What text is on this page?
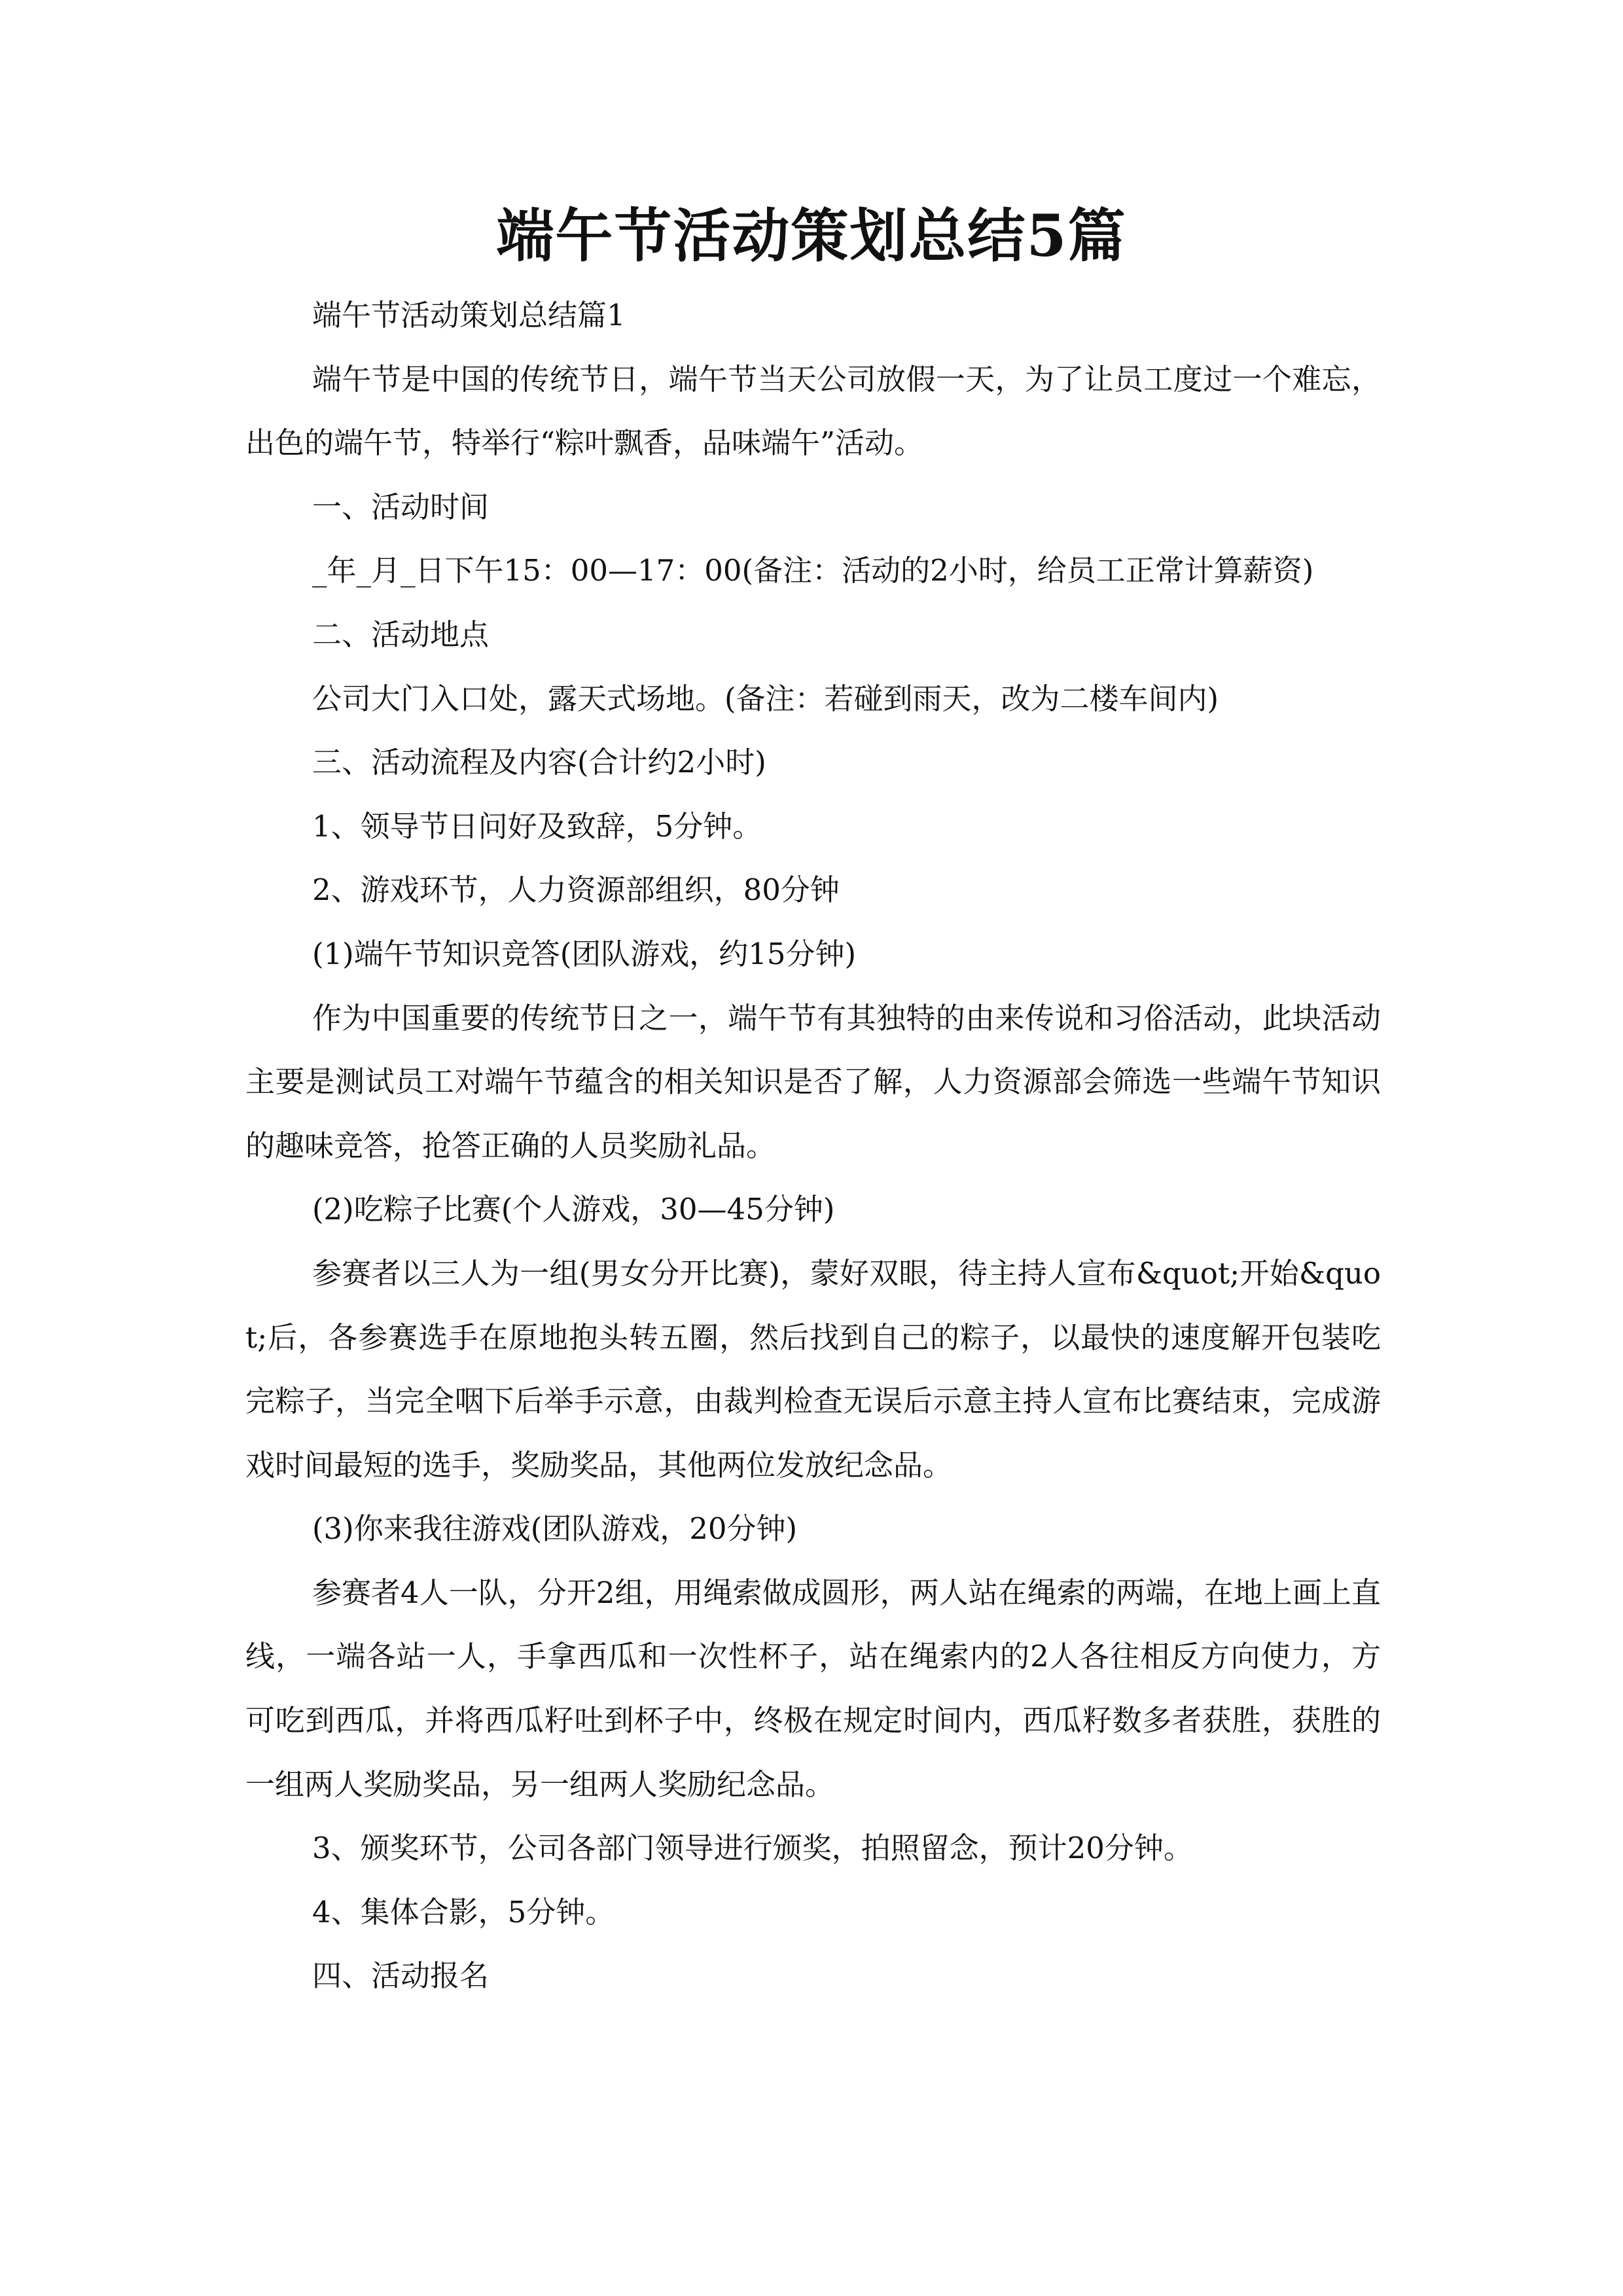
端午节活动策划总结5篇

端午节活动策划总结篇1

端午节是中国的传统节日，端午节当天公司放假一天，为了让员工度过一个难忘，出色的端午节，特举行“粽叶飘香，品味端午”活动。

一、活动时间

_年_月_日下午15：00—17：00(备注：活动的2小时，给员工正常计算薪资)

二、活动地点

公司大门入口处，露天式场地。(备注：若碰到雨天，改为二楼车间内)

三、活动流程及内容(合计约2小时)

1、领导节日问好及致辞，5分钟。

2、游戏环节，人力资源部组织，80分钟

(1)端午节知识竞答(团队游戏，约15分钟)

作为中国重要的传统节日之一，端午节有其独特的由来传说和习俗活动，此块活动主要是测试员工对端午节蕴含的相关知识是否了解，人力资源部会筛选一些端午节知识的趣味竞答，抢答正确的人员奖励礼品。

(2)吃粽子比赛(个人游戏，30—45分钟)

参赛者以三人为一组(男女分开比赛)，蒙好双眼，待主持人宣布&quot;开始&quot;后，各参赛选手在原地抱头转五圈，然后找到自己的粽子，以最快的速度解开包装吃完粽子，当完全咽下后举手示意，由裁判检查无误后示意主持人宣布比赛结束，完成游戏时间最短的选手，奖励奖品，其他两位发放纪念品。

(3)你来我往游戏(团队游戏，20分钟)

参赛者4人一队，分开2组，用绳索做成圆形，两人站在绳索的两端，在地上画上直线，一端各站一人，手拿西瓜和一次性杯子，站在绳索内的2人各往相反方向使力，方可吃到西瓜，并将西瓜籽吐到杯子中，终极在规定时间内，西瓜籽数多者获胜，获胜的一组两人奖励奖品，另一组两人奖励纪念品。

3、颁奖环节，公司各部门领导进行颁奖，拍照留念，预计20分钟。

4、集体合影，5分钟。

四、活动报名
